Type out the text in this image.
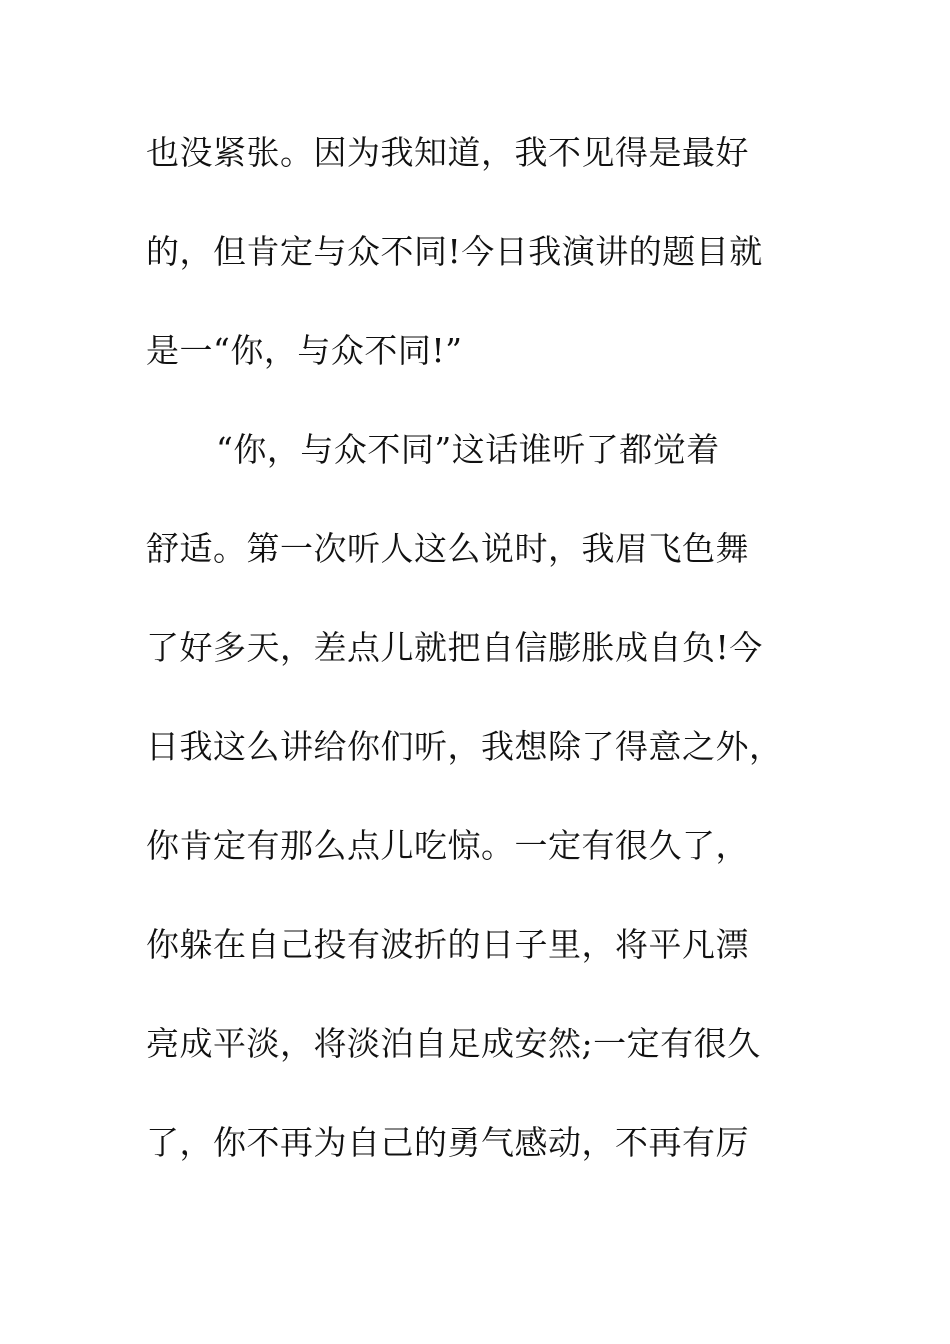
也没紧张。因为我知道，我不见得是最好
的，但肯定与众不同!今日我演讲的题目就
是一“你，与众不同!”
“你，与众不同”这话谁听了都觉着
舒适。第一次听人这么说时，我眉飞色舞
了好多天，差点儿就把自信膨胀成自负!今
日我这么讲给你们听，我想除了得意之外，
你肯定有那么点儿吃惊。一定有很久了，
你躲在自己投有波折的日子里，将平凡漂
亮成平淡，将淡泊自足成安然;一定有很久
了，你不再为自己的勇气感动，不再有厉
